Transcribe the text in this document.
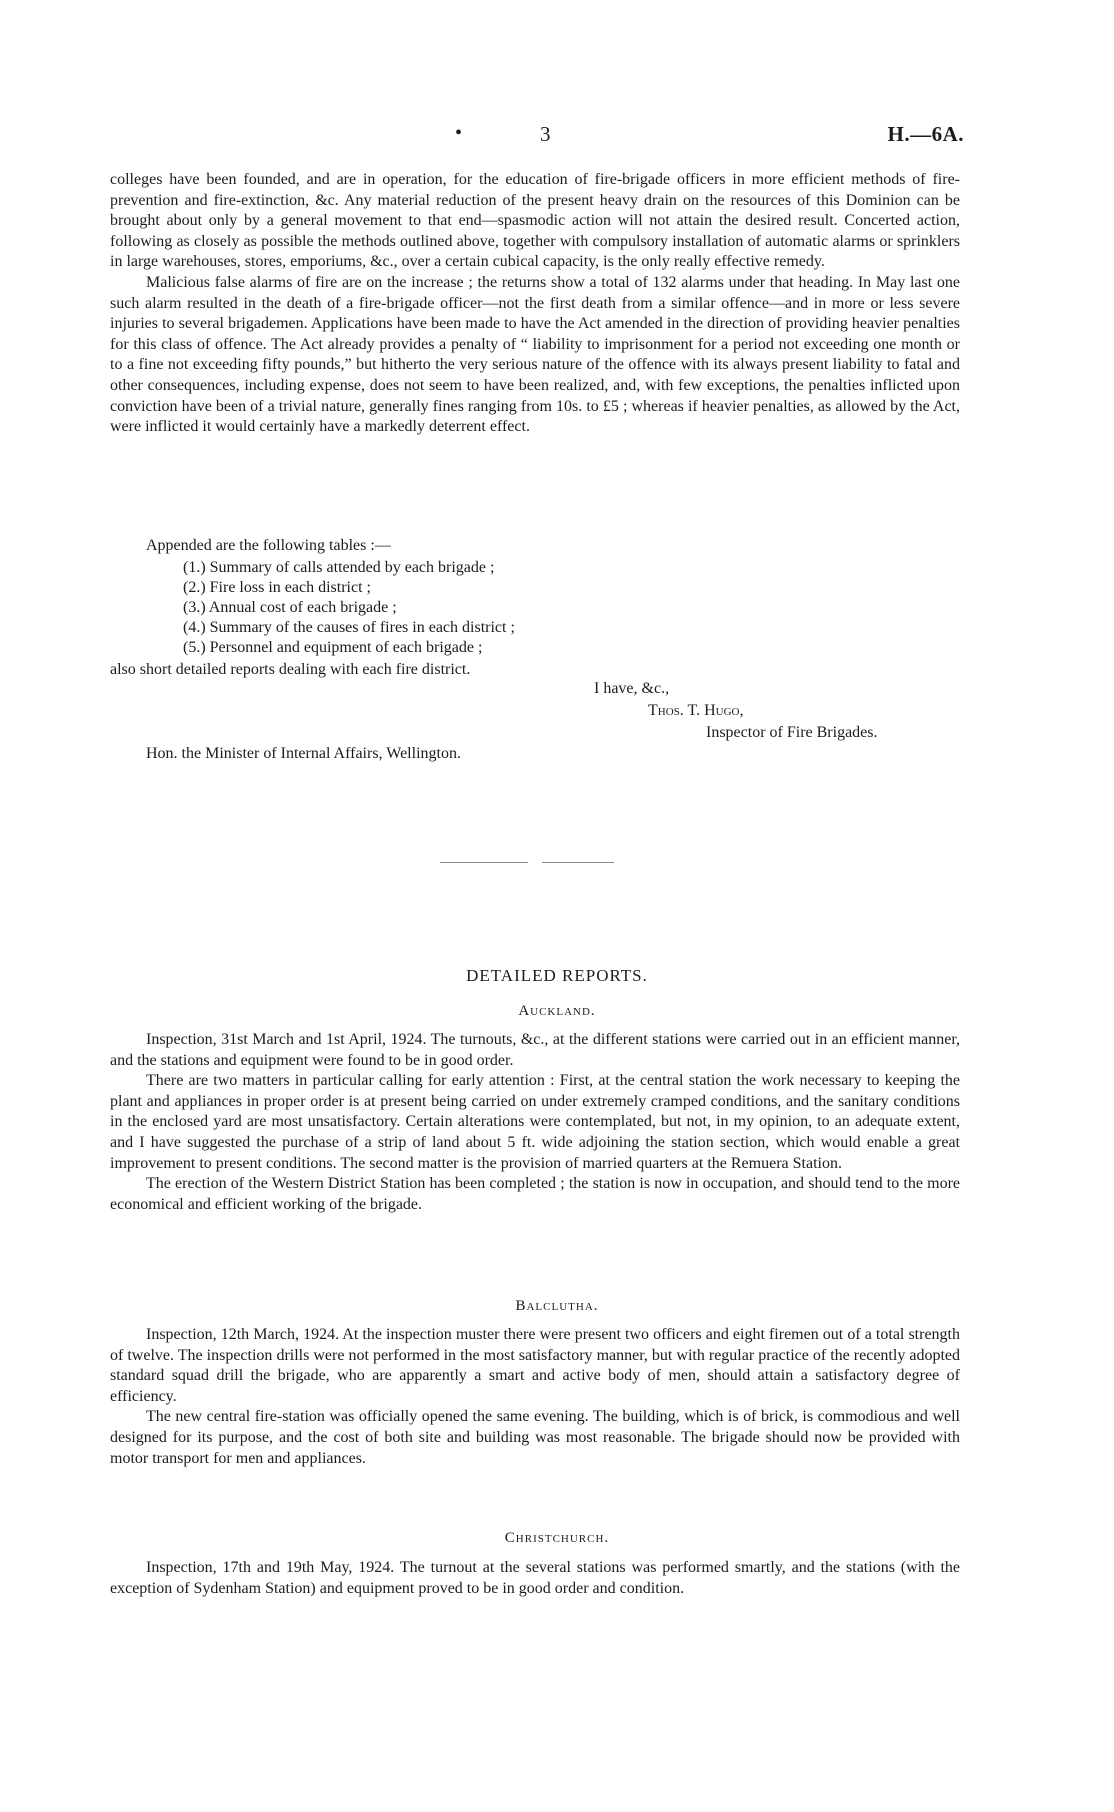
•	3	H.—6A.

colleges have been founded, and are in operation, for the education of fire-brigade officers in more efficient methods of fire-prevention and fire-extinction, &c. Any material reduction of the present heavy drain on the resources of this Dominion can be brought about only by a general movement to that end—spasmodic action will not attain the desired result. Concerted action, following as closely as possible the methods outlined above, together with compulsory installation of automatic alarms or sprinklers in large warehouses, stores, emporiums, &c., over a certain cubical capacity, is the only really effective remedy.

Malicious false alarms of fire are on the increase ; the returns show a total of 132 alarms under that heading. In May last one such alarm resulted in the death of a fire-brigade officer—not the first death from a similar offence—and in more or less severe injuries to several brigademen. Applications have been made to have the Act amended in the direction of providing heavier penalties for this class of offence. The Act already provides a penalty of “ liability to imprisonment for a period not exceeding one month or to a fine not exceeding fifty pounds,” but hitherto the very serious nature of the offence with its always present liability to fatal and other consequences, including expense, does not seem to have been realized, and, with few exceptions, the penalties inflicted upon conviction have been of a trivial nature, generally fines ranging from 10s. to £5 ; whereas if heavier penalties, as allowed by the Act, were inflicted it would certainly have a markedly deterrent effect.

Appended are the following tables :—
(1.) Summary of calls attended by each brigade ;
(2.) Fire loss in each district ;
(3.) Annual cost of each brigade ;
(4.) Summary of the causes of fires in each district ;
(5.) Personnel and equipment of each brigade ;
also short detailed reports dealing with each fire district.
I have, &c.,
Thos. T. Hugo,
Inspector of Fire Brigades.
Hon. the Minister of Internal Affairs, Wellington.
DETAILED REPORTS.
Auckland.

Inspection, 31st March and 1st April, 1924. The turnouts, &c., at the different stations were carried out in an efficient manner, and the stations and equipment were found to be in good order.

There are two matters in particular calling for early attention : First, at the central station the work necessary to keeping the plant and appliances in proper order is at present being carried on under extremely cramped conditions, and the sanitary conditions in the enclosed yard are most unsatisfactory. Certain alterations were contemplated, but not, in my opinion, to an adequate extent, and I have suggested the purchase of a strip of land about 5 ft. wide adjoining the station section, which would enable a great improvement to present conditions. The second matter is the provision of married quarters at the Remuera Station.

The erection of the Western District Station has been completed ; the station is now in occupation, and should tend to the more economical and efficient working of the brigade.

Balclutha.

Inspection, 12th March, 1924. At the inspection muster there were present two officers and eight firemen out of a total strength of twelve. The inspection drills were not performed in the most satisfactory manner, but with regular practice of the recently adopted standard squad drill the brigade, who are apparently a smart and active body of men, should attain a satisfactory degree of efficiency.

The new central fire-station was officially opened the same evening. The building, which is of brick, is commodious and well designed for its purpose, and the cost of both site and building was most reasonable. The brigade should now be provided with motor transport for men and appliances.

Christchurch.

Inspection, 17th and 19th May, 1924. The turnout at the several stations was performed smartly, and the stations (with the exception of Sydenham Station) and equipment proved to be in good order and condition.
